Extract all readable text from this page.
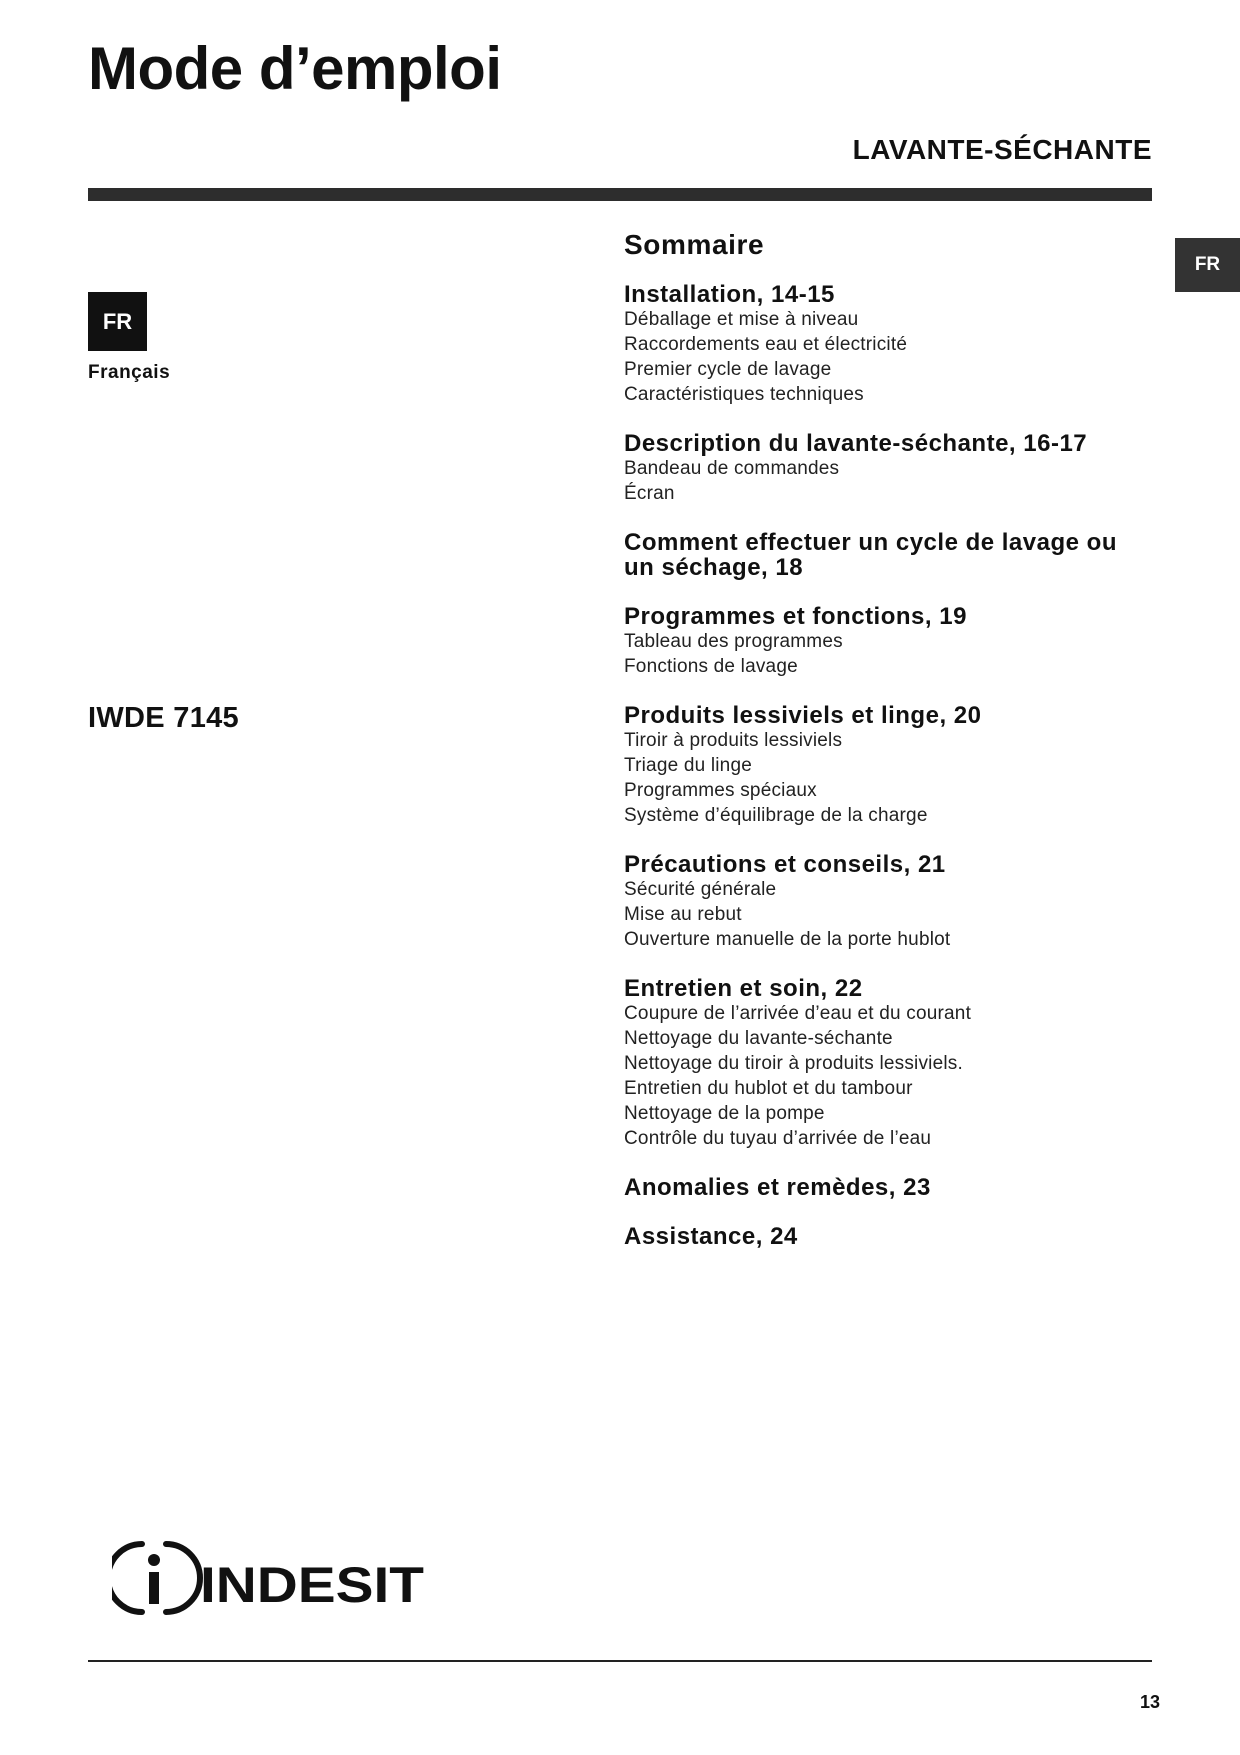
Mode d’emploi
LAVANTE-SÉCHANTE
FR
FR
Français
IWDE 7145
Sommaire
Installation, 14-15
Déballage et mise à niveau
Raccordements eau et électricité
Premier cycle de lavage
Caractéristiques techniques
Description du lavante-séchante, 16-17
Bandeau de commandes
Écran
Comment effectuer un cycle de lavage ou un séchage, 18
Programmes et fonctions, 19
Tableau des programmes
Fonctions de lavage
Produits lessiviels et linge, 20
Tiroir à produits lessiviels
Triage du linge
Programmes spéciaux
Système d’équilibrage de la charge
Précautions et conseils, 21
Sécurité générale
Mise au rebut
Ouverture manuelle de la porte hublot
Entretien et soin, 22
Coupure de l’arrivée d’eau et du courant
Nettoyage du lavante-séchante
Nettoyage du tiroir à produits lessiviels.
Entretien du hublot et du tambour
Nettoyage de la pompe
Contrôle du tuyau d’arrivée de l’eau
Anomalies et remèdes, 23
Assistance, 24
INDESIT
13
